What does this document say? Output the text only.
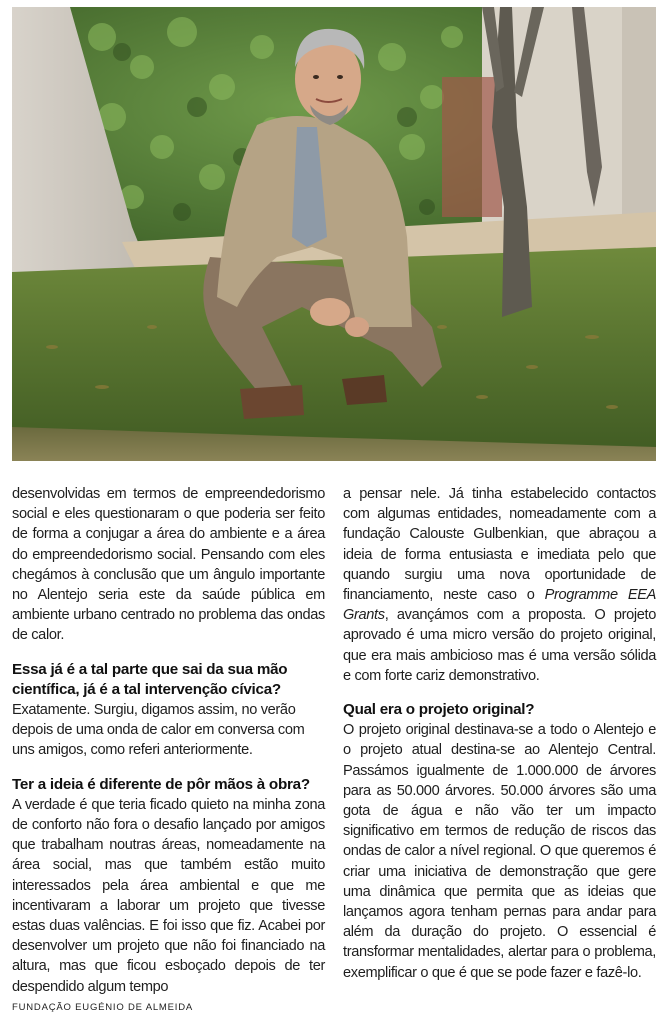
desenvolvidas em termos de empreendedorismo social e eles questionaram o que poderia ser feito de forma a conjugar a área do ambiente e a área do empreendedorismo social. Pensando com eles chegámos à conclusão que um ângulo importante no Alentejo seria este da saúde pública em ambiente urbano centrado no problema das ondas de calor.

Essa já é a tal parte que sai da sua mão científica, já é a tal intervenção cívica?

Exatamente. Surgiu, digamos assim, no verão depois de uma onda de calor em conversa com uns amigos, como referi anteriormente.

Ter a ideia é diferente de pôr mãos à obra?

A verdade é que teria ficado quieto na minha zona de conforto não fora o desafio lançado por amigos que trabalham noutras áreas, nomeadamente na área social, mas que também estão muito interessados pela área ambiental e que me incentivaram a laborar um projeto que tivesse estas duas valências. E foi isso que fiz. Acabei por desenvolver um projeto que não foi financiado na altura, mas que ficou esboçado depois de ter despendido algum tempo

a pensar nele. Já tinha estabelecido contactos com algumas entidades, nomeadamente com a fundação Calouste Gulbenkian, que abraçou a ideia de forma entusiasta e imediata pelo que quando surgiu uma nova oportunidade de financiamento, neste caso o Programme EEA Grants, avançámos com a proposta. O projeto aprovado é uma micro versão do projeto original, que era mais ambicioso mas é uma versão sólida e com forte cariz demonstrativo.

Qual era o projeto original?

O projeto original destinava-se a todo o Alentejo e o projeto atual destina-se ao Alentejo Central. Passámos igualmente de 1.000.000 de árvores para as 50.000 árvores. 50.000 árvores são uma gota de água e não vão ter um impacto significativo em termos de redução de riscos das ondas de calor a nível regional. O que queremos é criar uma iniciativa de demonstração que gere uma dinâmica que permita que as ideias que lançamos agora tenham pernas para andar para além da duração do projeto. O essencial é transformar mentalidades, alertar para o problema, exemplificar o que é que se pode fazer e fazê-lo.

FUNDAÇÃO EUGÉNIO DE ALMEIDA
